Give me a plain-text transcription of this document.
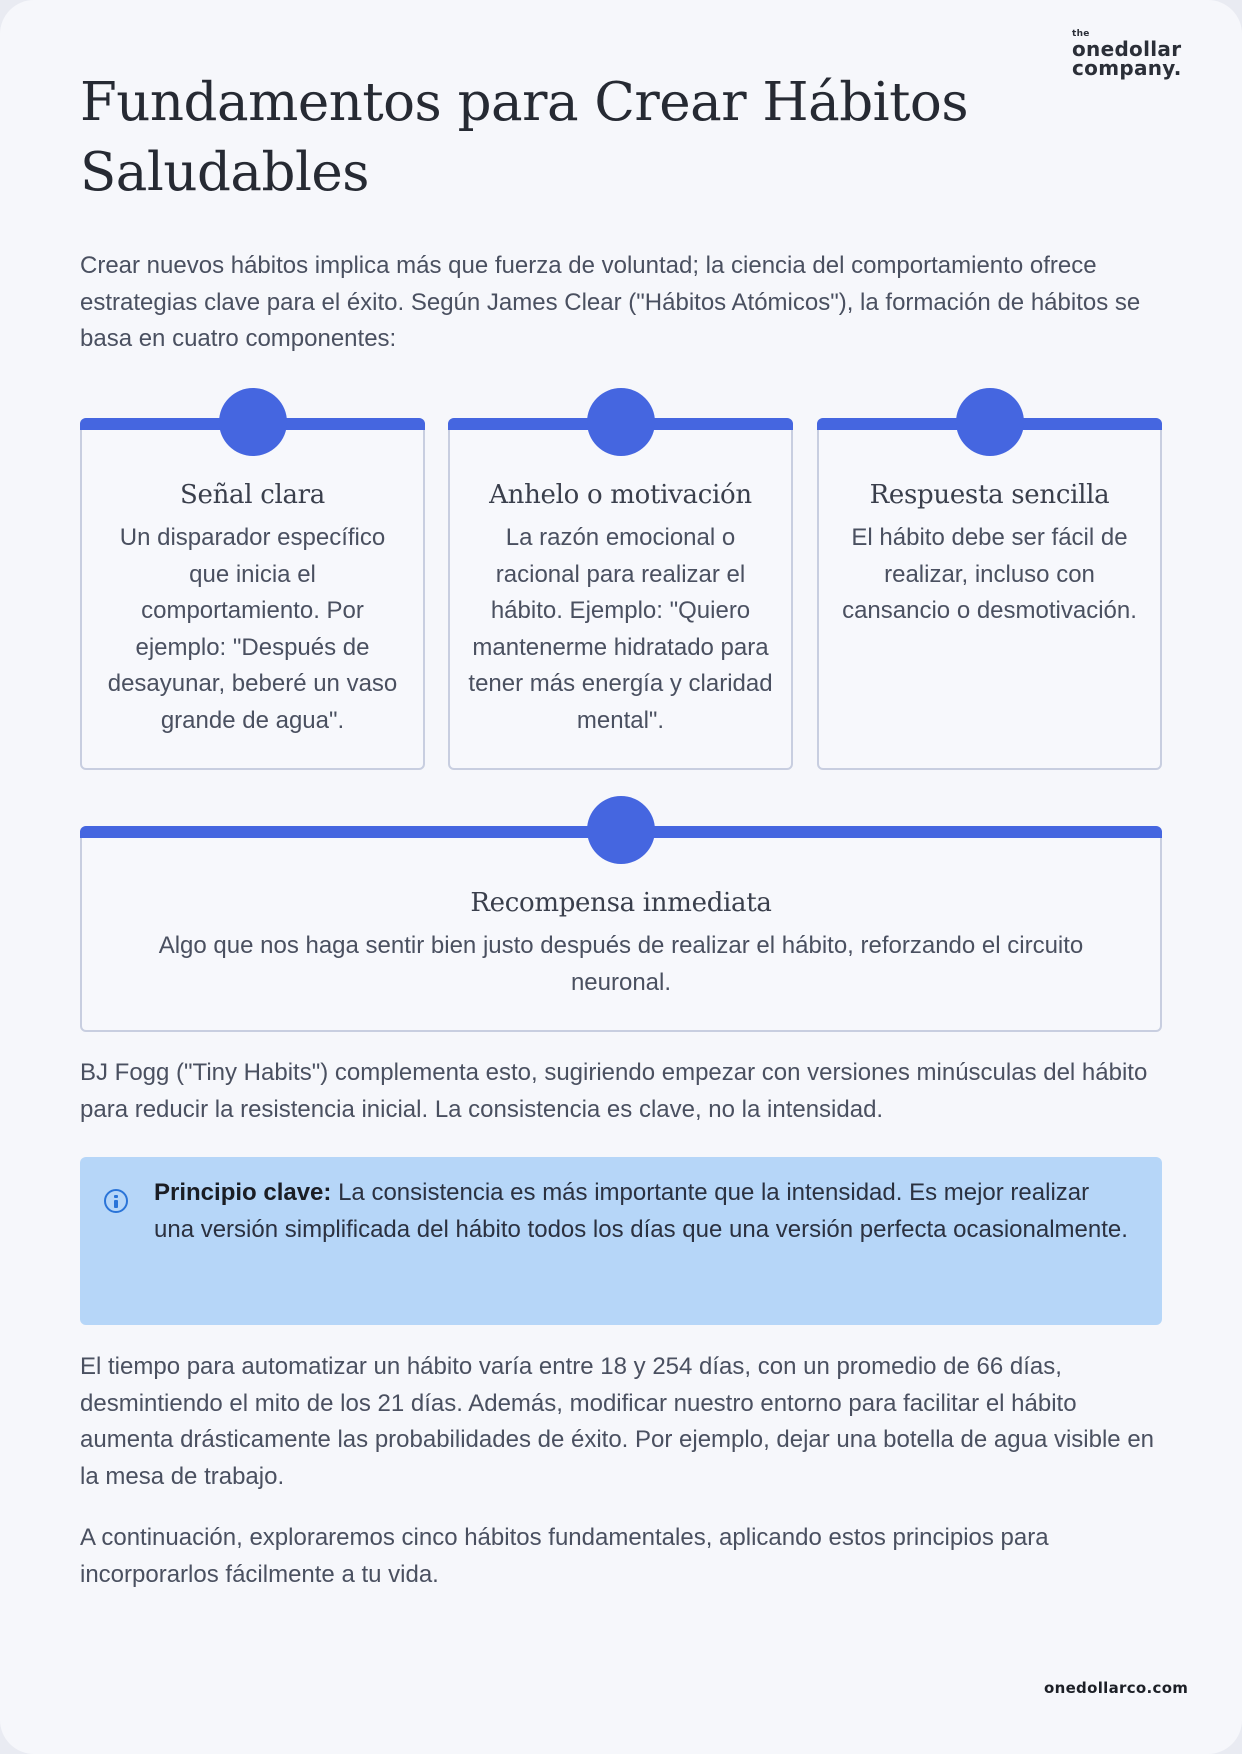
the
onedollar
company.
Fundamentos para Crear Hábitos Saludables

Crear nuevos hábitos implica más que fuerza de voluntad; la ciencia del comportamiento ofrece estrategias clave para el éxito. Según James Clear ("Hábitos Atómicos"), la formación de hábitos se basa en cuatro componentes:

Señal clara
Un disparador específico que inicia el comportamiento. Por ejemplo: "Después de desayunar, beberé un vaso grande de agua".
Anhelo o motivación
La razón emocional o racional para realizar el hábito. Ejemplo: "Quiero mantenerme hidratado para tener más energía y claridad mental".
Respuesta sencilla
El hábito debe ser fácil de realizar, incluso con cansancio o desmotivación.
Recompensa inmediata
Algo que nos haga sentir bien justo después de realizar el hábito, reforzando el circuito neuronal.

BJ Fogg ("Tiny Habits") complementa esto, sugiriendo empezar con versiones minúsculas del hábito para reducir la resistencia inicial. La consistencia es clave, no la intensidad.

Principio clave: La consistencia es más importante que la intensidad. Es mejor realizar una versión simplificada del hábito todos los días que una versión perfecta ocasionalmente.

El tiempo para automatizar un hábito varía entre 18 y 254 días, con un promedio de 66 días, desmintiendo el mito de los 21 días. Además, modificar nuestro entorno para facilitar el hábito aumenta drásticamente las probabilidades de éxito. Por ejemplo, dejar una botella de agua visible en la mesa de trabajo.

A continuación, exploraremos cinco hábitos fundamentales, aplicando estos principios para incorporarlos fácilmente a tu vida.

onedollarco.com
